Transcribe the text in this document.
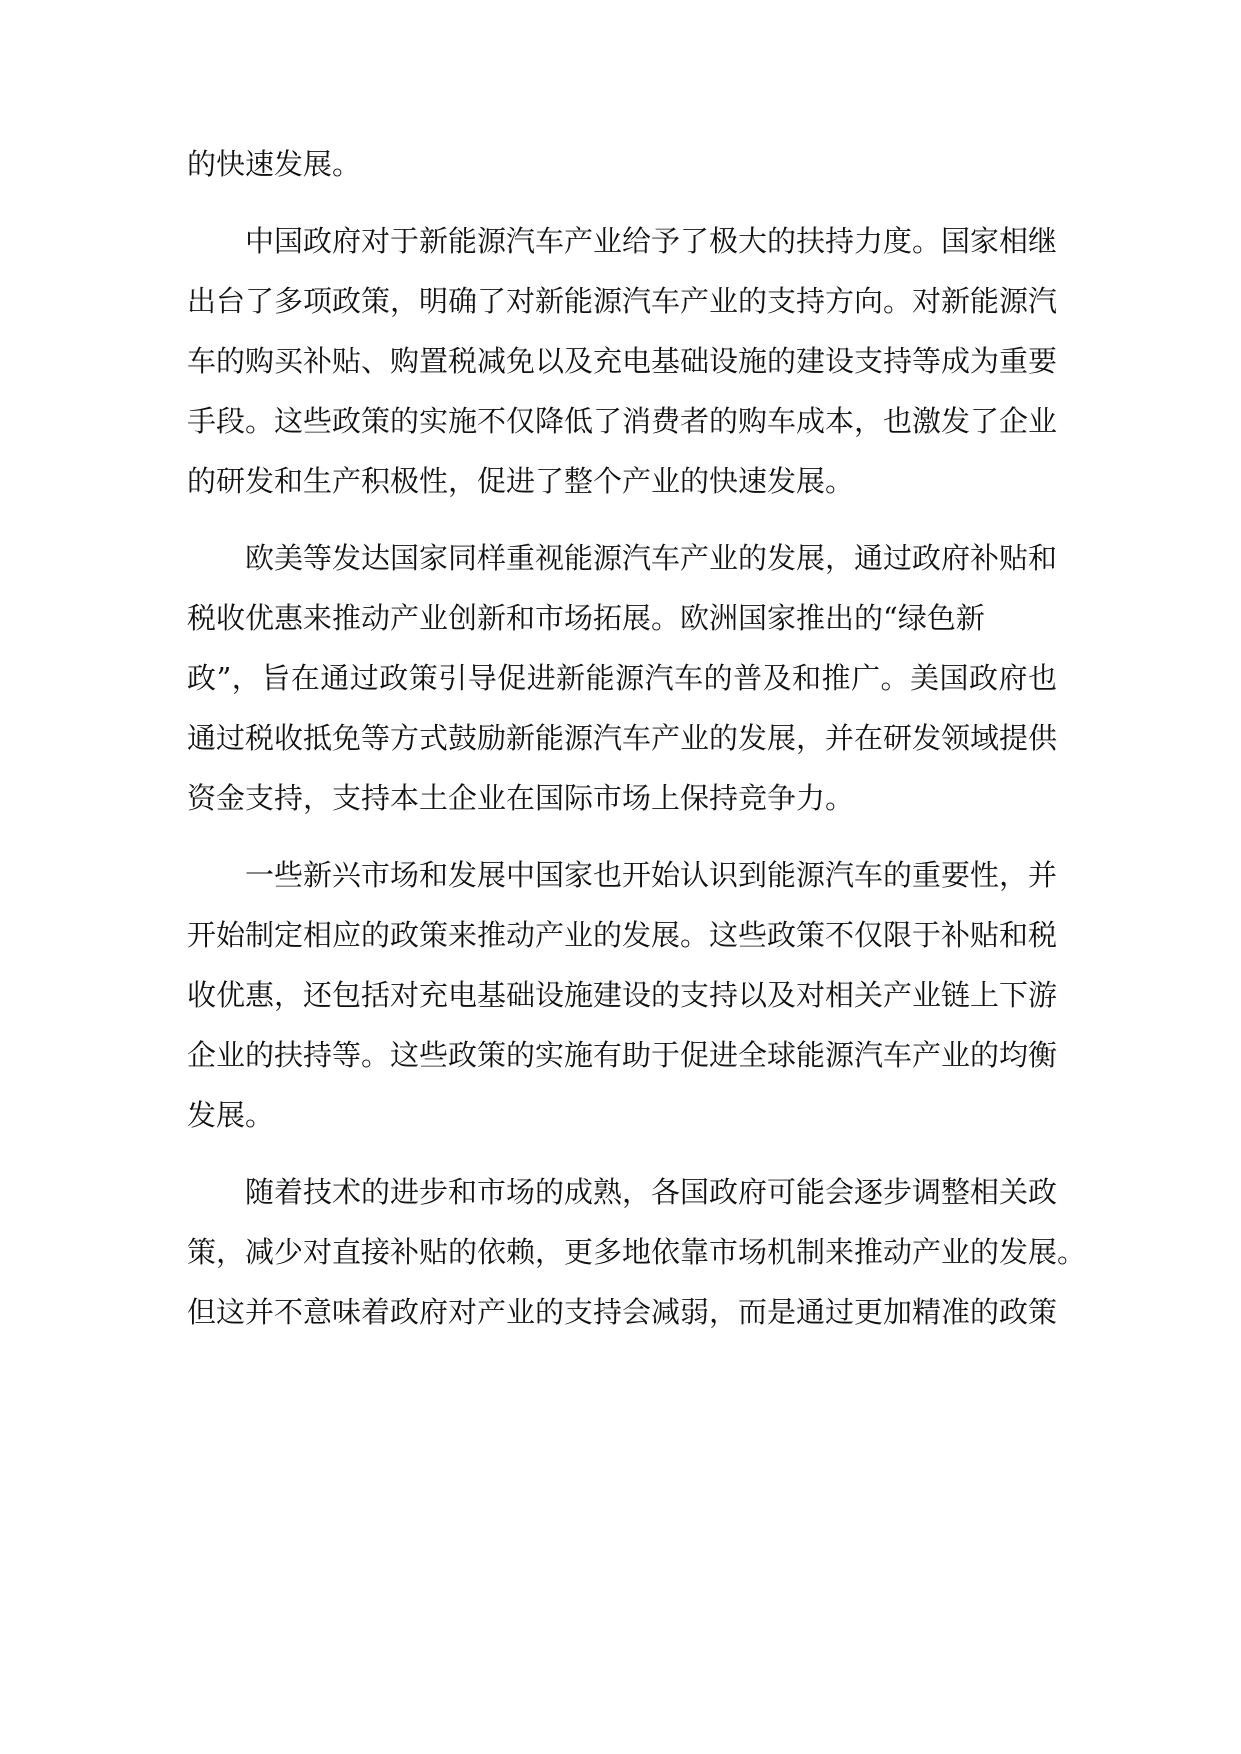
的快速发展。
中国政府对于新能源汽车产业给予了极大的扶持力度。国家相继
出台了多项政策，明确了对新能源汽车产业的支持方向。对新能源汽
车的购买补贴、购置税减免以及充电基础设施的建设支持等成为重要
手段。这些政策的实施不仅降低了消费者的购车成本，也激发了企业
的研发和生产积极性，促进了整个产业的快速发展。
欧美等发达国家同样重视能源汽车产业的发展，通过政府补贴和
税收优惠来推动产业创新和市场拓展。欧洲国家推出的“绿色新
政”，旨在通过政策引导促进新能源汽车的普及和推广。美国政府也
通过税收抵免等方式鼓励新能源汽车产业的发展，并在研发领域提供
资金支持，支持本土企业在国际市场上保持竞争力。
一些新兴市场和发展中国家也开始认识到能源汽车的重要性，并
开始制定相应的政策来推动产业的发展。这些政策不仅限于补贴和税
收优惠，还包括对充电基础设施建设的支持以及对相关产业链上下游
企业的扶持等。这些政策的实施有助于促进全球能源汽车产业的均衡
发展。
随着技术的进步和市场的成熟，各国政府可能会逐步调整相关政
策，减少对直接补贴的依赖，更多地依靠市场机制来推动产业的发展。
但这并不意味着政府对产业的支持会减弱，而是通过更加精准的政策
